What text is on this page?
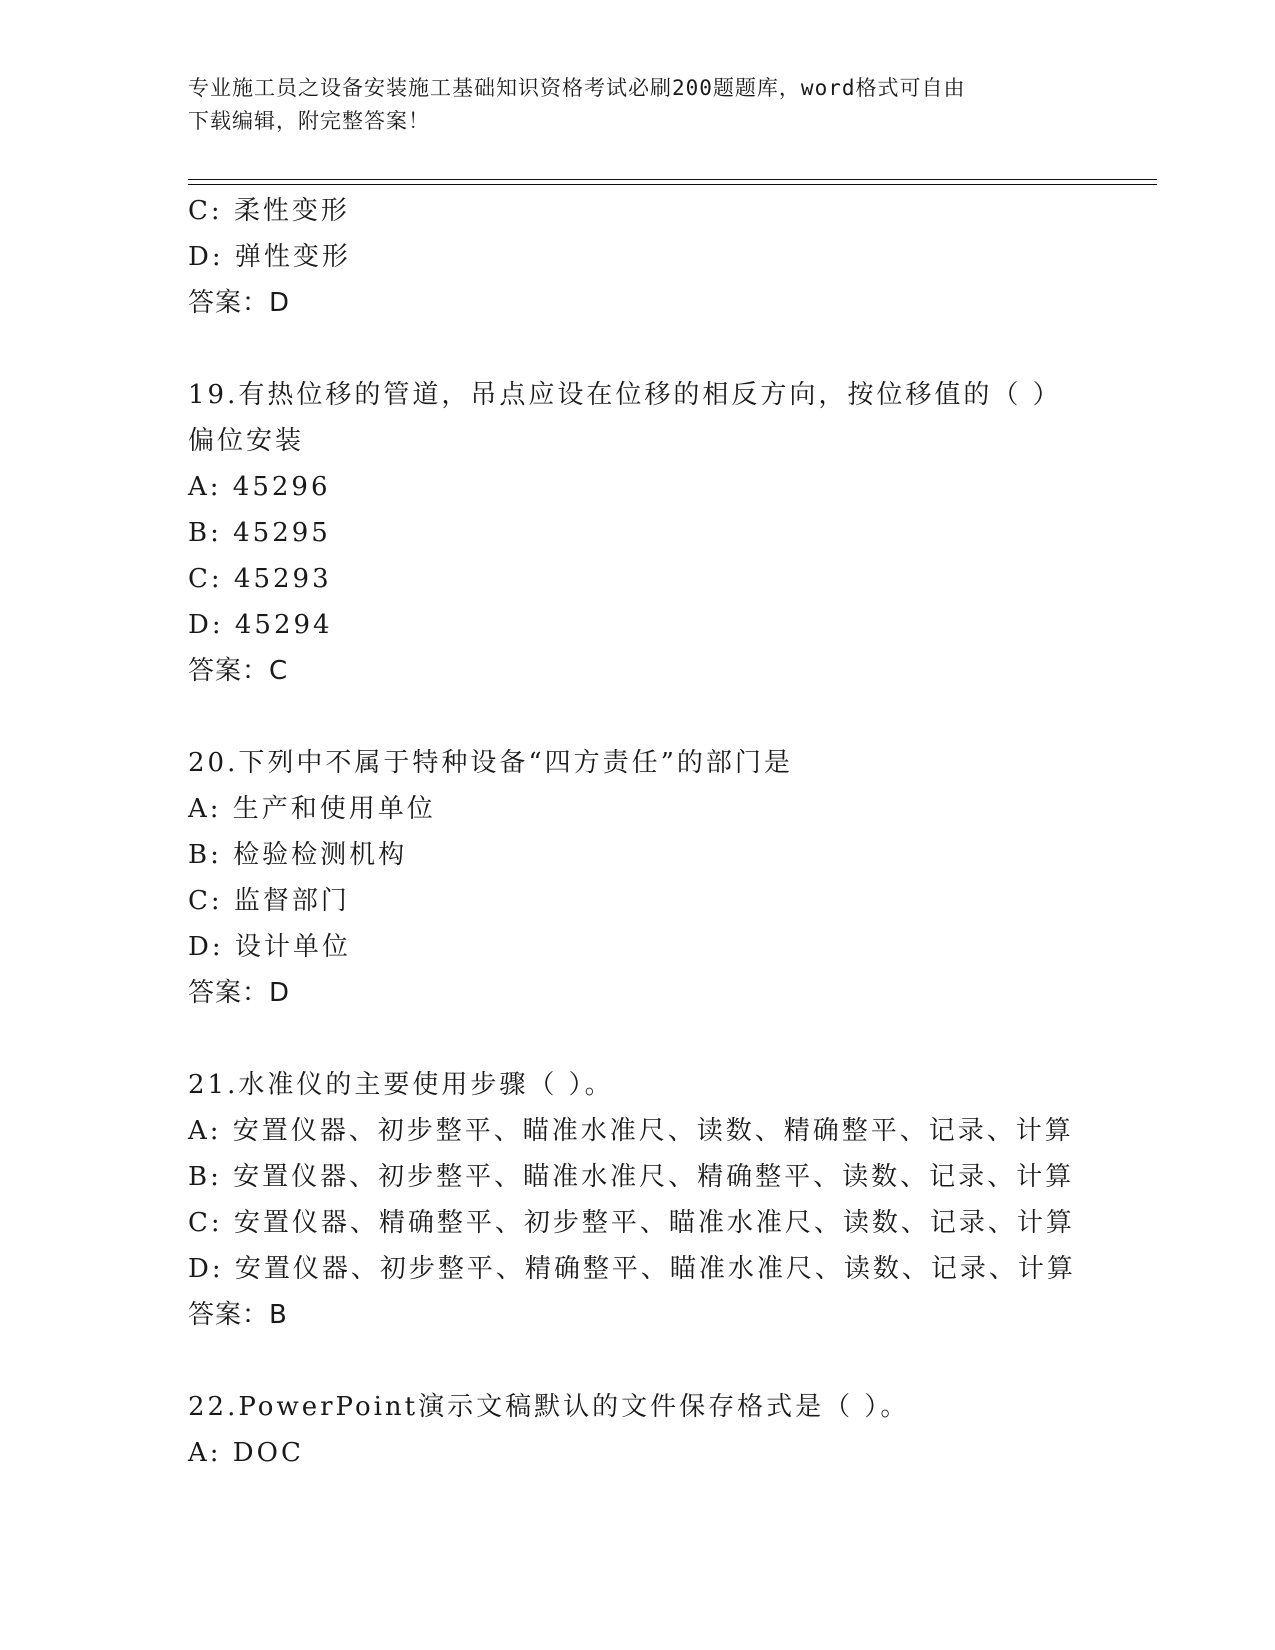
专业施工员之设备安装施工基础知识资格考试必刷200题题库，word格式可自由
下载编辑，附完整答案！
C: 柔性变形
D: 弹性变形
答案：D
19.有热位移的管道，吊点应设在位移的相反方向，按位移值的（ ）
偏位安装
A: 45296
B: 45295
C: 45293
D: 45294
答案：C
20.下列中不属于特种设备“四方责任”的部门是
A: 生产和使用单位
B: 检验检测机构
C: 监督部门
D: 设计单位
答案：D
21.水准仪的主要使用步骤（ ）。
A: 安置仪器、初步整平、瞄准水准尺、读数、精确整平、记录、计算
B: 安置仪器、初步整平、瞄准水准尺、精确整平、读数、记录、计算
C: 安置仪器、精确整平、初步整平、瞄准水准尺、读数、记录、计算
D: 安置仪器、初步整平、精确整平、瞄准水准尺、读数、记录、计算
答案：B
22.PowerPoint演示文稿默认的文件保存格式是（ ）。
A: DOC
